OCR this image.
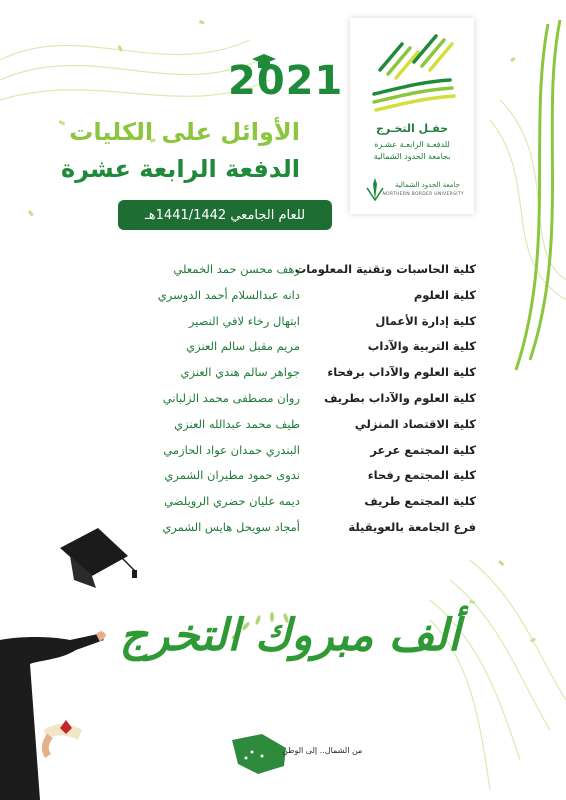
حفـل التخـرج
للدفعـة الرابعـة عشـرة
بجامعة الحدود الشمالية
جامعة الحدود الشمالية
NORTHERN BORDER UNIVERSITY
2021
الأوائل على الكليات
الدفعة الرابعة عشرة
للعام الجامعي 1441/1442هـ
كلية الحاسبات وتقنية المعلومات
رهف محسن حمد الخمعلي
كلية العلوم
دانه عبدالسلام أحمد الدوسري
كلية إدارة الأعمال
ابتهال رخاء لافي النصير
كلية التربية والآداب
مريم مقبل سالم العنزي
كلية العلوم والآداب برفحاء
جواهر سالم هندي العنزي
كلية العلوم والآداب بطريف
روان مصطفى محمد الزلباني
كلية الاقتصاد المنزلي
طيف محمد عبدالله العنزي
كلية المجتمع عرعر
البندري حمدان عواد الحازمي
كلية المجتمع رفحاء
ندوى حمود مطيران الشمري
كلية المجتمع طريف
ديمه عليان حضري الرويلضي
فرع الجامعة بالعويقيلة
أمجاد سويحل هايس الشمري
ألف مبروك التخرج
من الشمال.. إلى الوطن
